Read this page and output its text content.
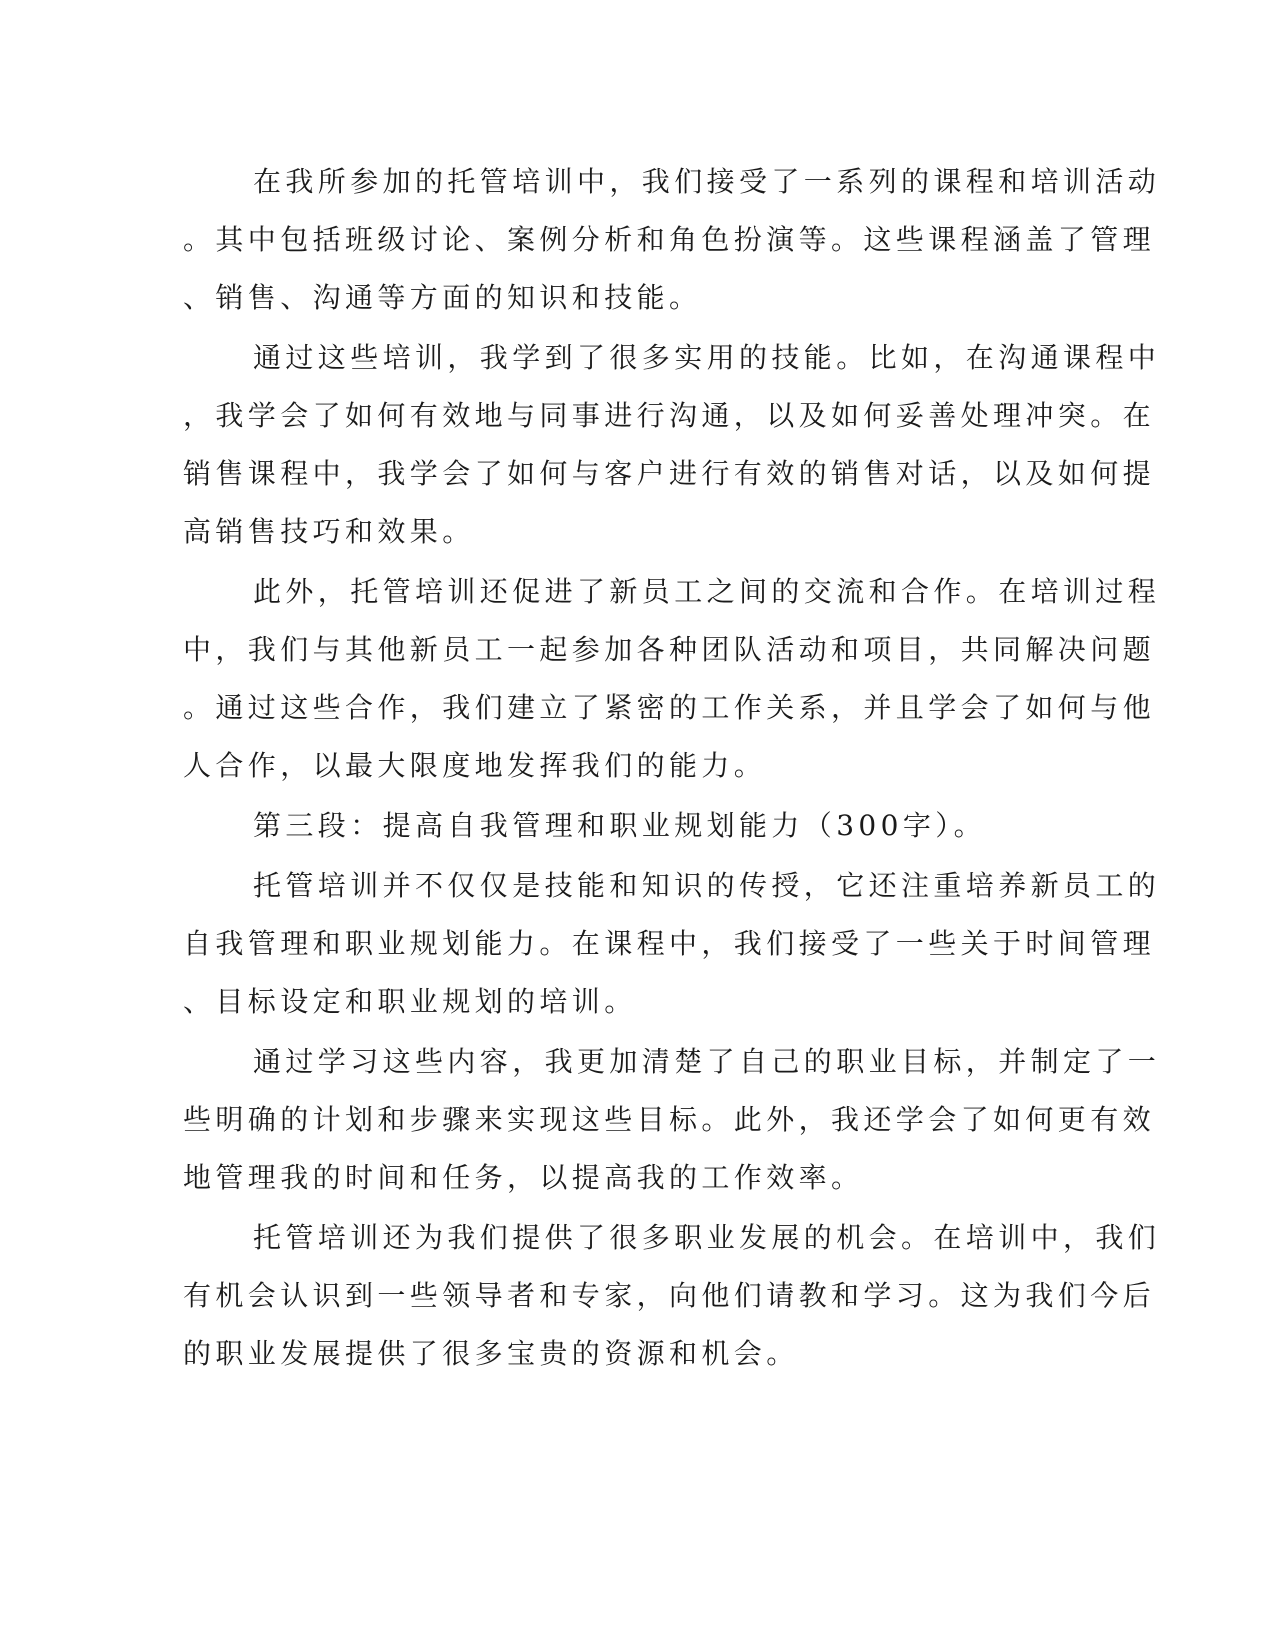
在我所参加的托管培训中，我们接受了一系列的课程和培训活动
。其中包括班级讨论、案例分析和角色扮演等。这些课程涵盖了管理
、销售、沟通等方面的知识和技能。
通过这些培训，我学到了很多实用的技能。比如，在沟通课程中
，我学会了如何有效地与同事进行沟通，以及如何妥善处理冲突。在
销售课程中，我学会了如何与客户进行有效的销售对话，以及如何提
高销售技巧和效果。
此外，托管培训还促进了新员工之间的交流和合作。在培训过程
中，我们与其他新员工一起参加各种团队活动和项目，共同解决问题
。通过这些合作，我们建立了紧密的工作关系，并且学会了如何与他
人合作，以最大限度地发挥我们的能力。
第三段：提高自我管理和职业规划能力（300字）。
托管培训并不仅仅是技能和知识的传授，它还注重培养新员工的
自我管理和职业规划能力。在课程中，我们接受了一些关于时间管理
、目标设定和职业规划的培训。
通过学习这些内容，我更加清楚了自己的职业目标，并制定了一
些明确的计划和步骤来实现这些目标。此外，我还学会了如何更有效
地管理我的时间和任务，以提高我的工作效率。
托管培训还为我们提供了很多职业发展的机会。在培训中，我们
有机会认识到一些领导者和专家，向他们请教和学习。这为我们今后
的职业发展提供了很多宝贵的资源和机会。
